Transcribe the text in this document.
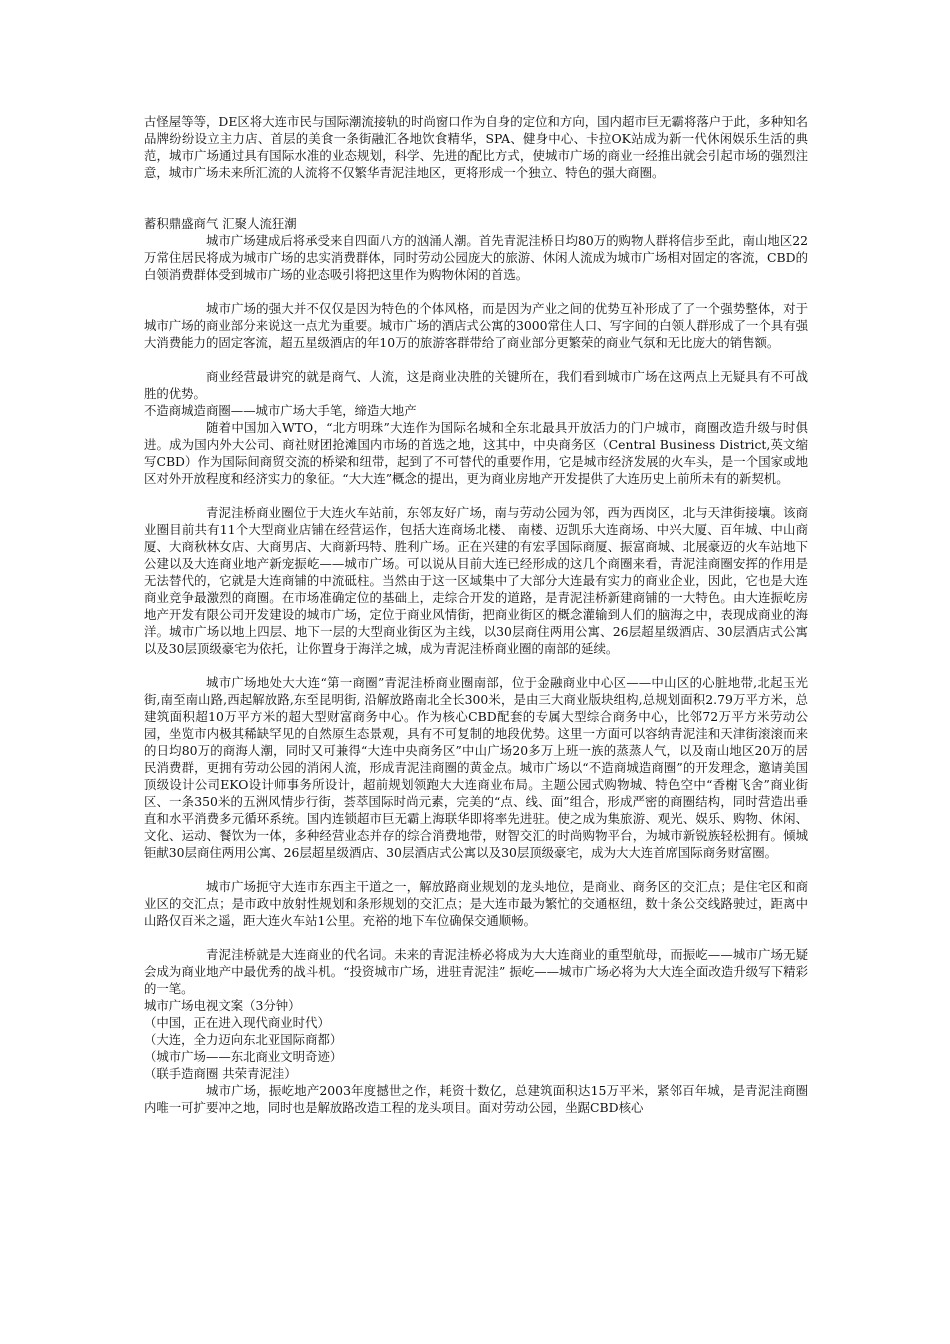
古怪屋等等，DE区将大连市民与国际潮流接轨的时尚窗口作为自身的定位和方向，国内超市巨无霸将落户于此，多种知名品牌纷纷设立主力店、首层的美食一条街融汇各地饮食精华，SPA、健身中心、卡拉OK站成为新一代休闲娱乐生活的典范，城市广场通过具有国际水准的业态规划，科学、先进的配比方式，使城市广场的商业一经推出就会引起市场的强烈注意，城市广场未来所汇流的人流将不仅繁华青泥洼地区，更将形成一个独立、特色的强大商圈。

蓄积鼎盛商气 汇聚人流狂潮

城市广场建成后将承受来自四面八方的汹涌人潮。首先青泥洼桥日均80万的购物人群将信步至此，南山地区22万常住居民将成为城市广场的忠实消费群体，同时劳动公园庞大的旅游、休闲人流成为城市广场相对固定的客流，CBD的白领消费群体受到城市广场的业态吸引将把这里作为购物休闲的首选。

城市广场的强大并不仅仅是因为特色的个体风格，而是因为产业之间的优势互补形成了了一个强势整体，对于城市广场的商业部分来说这一点尤为重要。城市广场的酒店式公寓的3000常住人口、写字间的白领人群形成了一个具有强大消费能力的固定客流，超五星级酒店的年10万的旅游客群带给了商业部分更繁荣的商业气氛和无比庞大的销售额。

商业经营最讲究的就是商气、人流，这是商业决胜的关键所在，我们看到城市广场在这两点上无疑具有不可战胜的优势。

不造商城造商圈——城市广场大手笔，缔造大地产

随着中国加入WTO，“北方明珠”大连作为国际名城和全东北最具开放活力的门户城市，商圈改造升级与时俱进。成为国内外大公司、商社财团抢滩国内市场的首选之地，这其中，中央商务区（Central Business District,英文缩写CBD）作为国际间商贸交流的桥梁和纽带，起到了不可替代的重要作用，它是城市经济发展的火车头，是一个国家或地区对外开放程度和经济实力的象征。“大大连”概念的提出，更为商业房地产开发提供了大连历史上前所未有的新契机。

青泥洼桥商业圈位于大连火车站前，东邻友好广场，南与劳动公园为邻，西为西岗区，北与天津街接壤。该商业圈目前共有11个大型商业店铺在经营运作，包括大连商场北楼、 南楼、迈凯乐大连商场、中兴大厦、百年城、中山商厦、大商秋林女店、大商男店、大商新玛特、胜利广场。正在兴建的有宏孚国际商厦、振富商城、北展豪迈的火车站地下公建以及大连商业地产新宠振屹——城市广场。可以说从目前大连已经形成的这几个商圈来看，青泥洼商圈安挥的作用是无法替代的，它就是大连商铺的中流砥柱。当然由于这一区域集中了大部分大连最有实力的商业企业，因此，它也是大连商业竞争最激烈的商圈。在市场准确定位的基础上，走综合开发的道路，是青泥洼桥新建商铺的一大特色。由大连振屹房地产开发有限公司开发建设的城市广场，定位于商业风情街，把商业街区的概念灌输到人们的脑海之中，表现成商业的海洋。城市广场以地上四层、地下一层的大型商业街区为主线，以30层商住两用公寓、26层超星级酒店、30层酒店式公寓以及30层顶级豪宅为依托，让你置身于海洋之城，成为青泥洼桥商业圈的南部的延续。

城市广场地处大大连“第一商圈”青泥洼桥商业圈南部，位于金融商业中心区——中山区的心脏地带,北起玉光街,南至南山路,西起解放路,东至昆明街, 沿解放路南北全长300米，是由三大商业版块组构,总规划面积2.79万平方米，总建筑面积超10万平方米的超大型财富商务中心。作为核心CBD配套的专属大型综合商务中心，比邻72万平方米劳动公园，坐览市内极其稀缺罕见的自然原生态景观，具有不可复制的地段优势。这里一方面可以容纳青泥洼和天津街滚滚而来的日均80万的商海人潮，同时又可兼得“大连中央商务区”中山广场20多万上班一族的蒸蒸人气，以及南山地区20万的居民消费群，更拥有劳动公园的消闲人流，形成青泥洼商圈的黄金点。城市广场以“不造商城造商圈”的开发理念，邀请美国顶级设计公司EKO设计师事务所设计，超前规划领跑大大连商业布局。主题公园式购物城、特色空中“香榭飞舍”商业街区、一条350米的五洲风情步行街，荟萃国际时尚元素，完美的“点、线、面”组合，形成严密的商圈结构，同时营造出垂直和水平消费多元循环系统。国内连锁超市巨无霸上海联华即将率先进驻。使之成为集旅游、观光、娱乐、购物、休闲、文化、运动、餐饮为一体，多种经营业态并存的综合消费地带，财智交汇的时尚购物平台，为城市新锐族轻松拥有。倾城钜献30层商住两用公寓、26层超星级酒店、30层酒店式公寓以及30层顶级豪宅，成为大大连首席国际商务财富圈。

城市广场扼守大连市东西主干道之一，解放路商业规划的龙头地位，是商业、商务区的交汇点；是住宅区和商业区的交汇点；是市政中放射性规划和条形规划的交汇点；是大连市最为繁忙的交通枢纽，数十条公交线路驶过，距离中山路仅百米之遥，距大连火车站1公里。充裕的地下车位确保交通顺畅。

青泥洼桥就是大连商业的代名词。未来的青泥洼桥必将成为大大连商业的重型航母，而振屹——城市广场无疑会成为商业地产中最优秀的战斗机。“投资城市广场，进驻青泥洼” 振屹——城市广场必将为大大连全面改造升级写下精彩的一笔。

城市广场电视文案（3分钟）

（中国，正在进入现代商业时代）

（大连，全力迈向东北亚国际商都）

（城市广场——东北商业文明奇迹）

（联手造商圈 共荣青泥洼）

城市广场，振屹地产2003年度撼世之作，耗资十数亿，总建筑面积达15万平米，紧邻百年城，是青泥洼商圈内唯一可扩要冲之地，同时也是解放路改造工程的龙头项目。面对劳动公园，坐踞CBD核心
